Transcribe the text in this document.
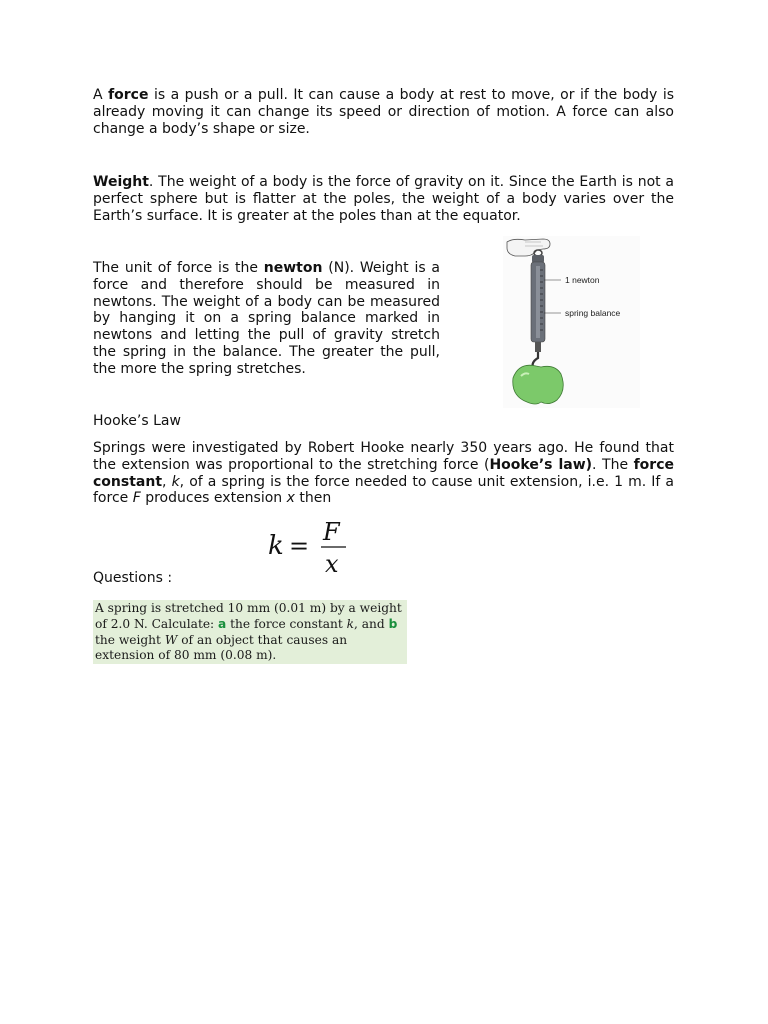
A force is a push or a pull. It can cause a body at rest to move, or if the body is already moving it can change its speed or direction of motion. A force can also change a body’s shape or size.

Weight. The weight of a body is the force of gravity on it. Since the Earth is not a perfect sphere but is flatter at the poles, the weight of a body varies over the Earth’s surface. It is greater at the poles than at the equator.

The unit of force is the newton (N). Weight is a force and therefore should be measured in newtons. The weight of a body can be measured by hanging it on a spring balance marked in newtons and letting the pull of gravity stretch the spring in the balance. The greater the pull, the more the spring stretches.

1 newton
spring balance

Hooke’s Law

Springs were investigated by Robert Hooke nearly 350 years ago. He found that the extension was proportional to the stretching force (Hooke’s law). The force constant, k, of a spring is the force needed to cause unit extension, i.e. 1 m. If a force F produces extension x then

k = F
x

Questions :

A spring is stretched 10 mm (0.01 m) by a weight of 2.0 N. Calculate: a the force constant k, and b the weight W of an object that causes an extension of 80 mm (0.08 m).
